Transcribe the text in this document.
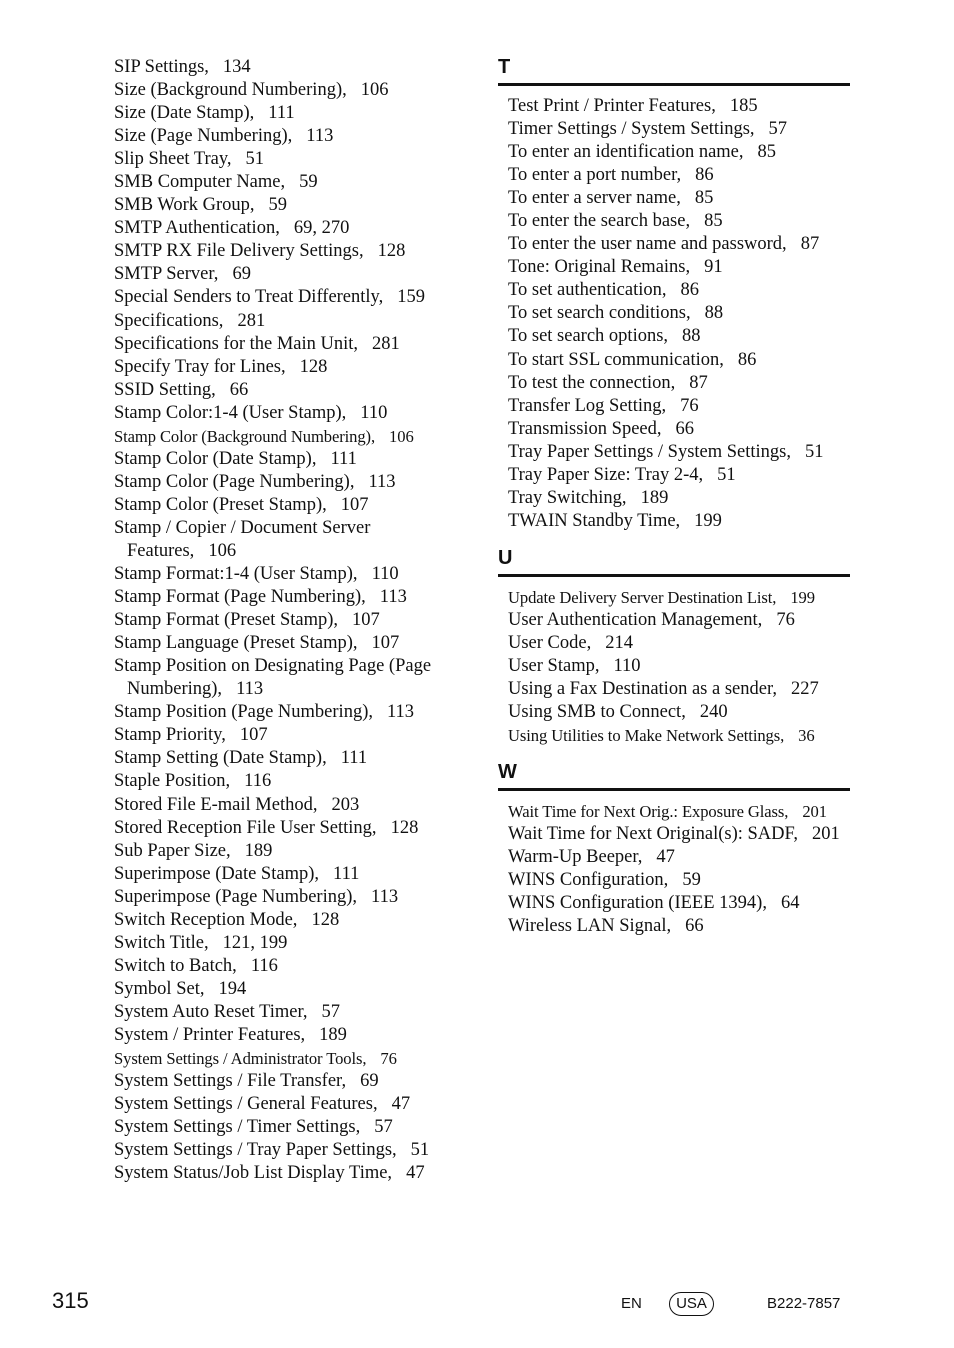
SIP Settings, 134
Size (Background Numbering), 106
Size (Date Stamp), 111
Size (Page Numbering), 113
Slip Sheet Tray, 51
SMB Computer Name, 59
SMB Work Group, 59
SMTP Authentication, 69, 270
SMTP RX File Delivery Settings, 128
SMTP Server, 69
Special Senders to Treat Differently, 159
Specifications, 281
Specifications for the Main Unit, 281
Specify Tray for Lines, 128
SSID Setting, 66
Stamp Color:1-4 (User Stamp), 110
Stamp Color (Background Numbering), 106
Stamp Color (Date Stamp), 111
Stamp Color (Page Numbering), 113
Stamp Color (Preset Stamp), 107
Stamp / Copier / Document Server Features, 106
Stamp Format:1-4 (User Stamp), 110
Stamp Format (Page Numbering), 113
Stamp Format (Preset Stamp), 107
Stamp Language (Preset Stamp), 107
Stamp Position on Designating Page (Page Numbering), 113
Stamp Position (Page Numbering), 113
Stamp Priority, 107
Stamp Setting (Date Stamp), 111
Staple Position, 116
Stored File E-mail Method, 203
Stored Reception File User Setting, 128
Sub Paper Size, 189
Superimpose (Date Stamp), 111
Superimpose (Page Numbering), 113
Switch Reception Mode, 128
Switch Title, 121, 199
Switch to Batch, 116
Symbol Set, 194
System Auto Reset Timer, 57
System / Printer Features, 189
System Settings / Administrator Tools, 76
System Settings / File Transfer, 69
System Settings / General Features, 47
System Settings / Timer Settings, 57
System Settings / Tray Paper Settings, 51
System Status/Job List Display Time, 47
T
Test Print / Printer Features, 185
Timer Settings / System Settings, 57
To enter an identification name, 85
To enter a port number, 86
To enter a server name, 85
To enter the search base, 85
To enter the user name and password, 87
Tone: Original Remains, 91
To set authentication, 86
To set search conditions, 88
To set search options, 88
To start SSL communication, 86
To test the connection, 87
Transfer Log Setting, 76
Transmission Speed, 66
Tray Paper Settings / System Settings, 51
Tray Paper Size: Tray 2-4, 51
Tray Switching, 189
TWAIN Standby Time, 199
U
Update Delivery Server Destination List, 199
User Authentication Management, 76
User Code, 214
User Stamp, 110
Using a Fax Destination as a sender, 227
Using SMB to Connect, 240
Using Utilities to Make Network Settings, 36
W
Wait Time for Next Orig.: Exposure Glass, 201
Wait Time for Next Original(s): SADF, 201
Warm-Up Beeper, 47
WINS Configuration, 59
WINS Configuration (IEEE 1394), 64
Wireless LAN Signal, 66
315	EN	USA	B222-7857
